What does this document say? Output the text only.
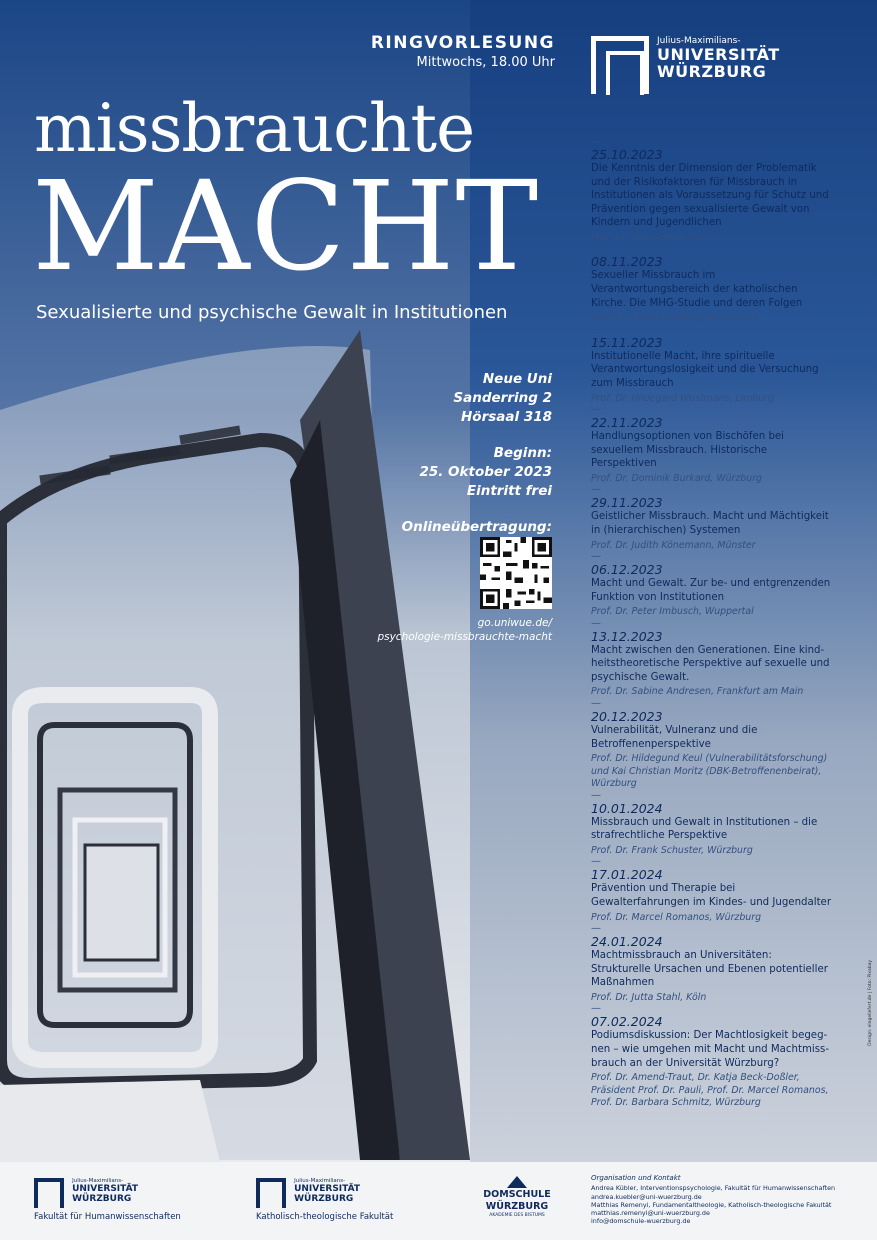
RINGVORLESUNG
Mittwochs, 18.00 Uhr
missbrauchte
MACHT
Sexualisierte und psychische Gewalt in Institutionen
Julius-Maximilians-
UNIVERSITÄT
WÜRZBURG
Neue Uni
Sanderring 2
Hörsaal 318
Beginn:
25. Oktober 2023
Eintritt frei
Onlineübertragung:
go.uniwue.de/
psychologie-missbrauchte-macht
—
25.10.2023
Die Kenntnis der Dimension der Problematik und der Risikofaktoren für Missbrauch in Institutionen als Voraussetzung für Schutz und Prävention gegen sexualisierte Gewalt von Kindern und Jugendlichen
Prof. Dr. Jörg Fegert, Ulm
—
08.11.2023
Sexueller Missbrauch im Verantwortungsbereich der katholischen Kirche. Die MHG-Studie und deren Folgen
Prof. Dr. Harald Dreßing, Mannheim
—
15.11.2023
Institutionelle Macht, ihre spirituelle Verantwortungslosigkeit und die Versuchung zum Missbrauch
Prof. Dr. Hildegard Wustmans, Limburg
—
22.11.2023
Handlungsoptionen von Bischöfen bei sexuellem Missbrauch. Historische Perspektiven
Prof. Dr. Dominik Burkard, Würzburg
—
29.11.2023
Geistlicher Missbrauch. Macht und Mächtigkeit in (hierarchischen) Systemen
Prof. Dr. Judith Könemann, Münster
—
06.12.2023
Macht und Gewalt. Zur be- und entgrenzenden Funktion von Institutionen
Prof. Dr. Peter Imbusch, Wuppertal
—
13.12.2023
Macht zwischen den Generationen. Eine kind-heitstheoretische Perspektive auf sexuelle und psychische Gewalt.
Prof. Dr. Sabine Andresen, Frankfurt am Main
—
20.12.2023
Vulnerabilität, Vulneranz und die Betroffenenperspektive
Prof. Dr. Hildegund Keul (Vulnerabilitätsforschung) und Kai Christian Moritz (DBK-Betroffenenbeirat), Würzburg
—
10.01.2024
Missbrauch und Gewalt in Institutionen – die strafrechtliche Perspektive
Prof. Dr. Frank Schuster, Würzburg
—
17.01.2024
Prävention und Therapie bei Gewalterfahrungen im Kindes- und Jugendalter
Prof. Dr. Marcel Romanos, Würzburg
—
24.01.2024
Machtmissbrauch an Universitäten: Strukturelle Ursachen und Ebenen potentieller Maßnahmen
Prof. Dr. Jutta Stahl, Köln
—
07.02.2024
Podiumsdiskussion: Der Machtlosigkeit begeg-nen – wie umgehen mit Macht und Machtmiss-brauch an der Universität Würzburg?
Prof. Dr. Amend-Traut, Dr. Katja Beck-Doßler, Präsident Prof. Dr. Pauli, Prof. Dr. Marcel Romanos, Prof. Dr. Barbara Schmitz, Würzburg

Julius-Maximilians-
UNIVERSITÄT
WÜRZBURG
Fakultät für Humanwissenschaften

Julius-Maximilians-
UNIVERSITÄT
WÜRZBURG
Katholisch-theologische Fakultät
DOMSCHULE
WÜRZBURG
AKADEMIE DES BISTUMS
Organisation und Kontakt
Andrea Kübler, Interventionspsychologie, Fakultät für Humanwissenschaften
andrea.kuebler@uni-wuerzburg.de
Matthias Remenyi, Fundamentaltheologie, Katholisch-theologische Fakultät
matthias.remenyi@uni-wuerzburg.de
info@domschule-wuerzburg.de
Design: eingeliefert.de | Foto: Pixabay
